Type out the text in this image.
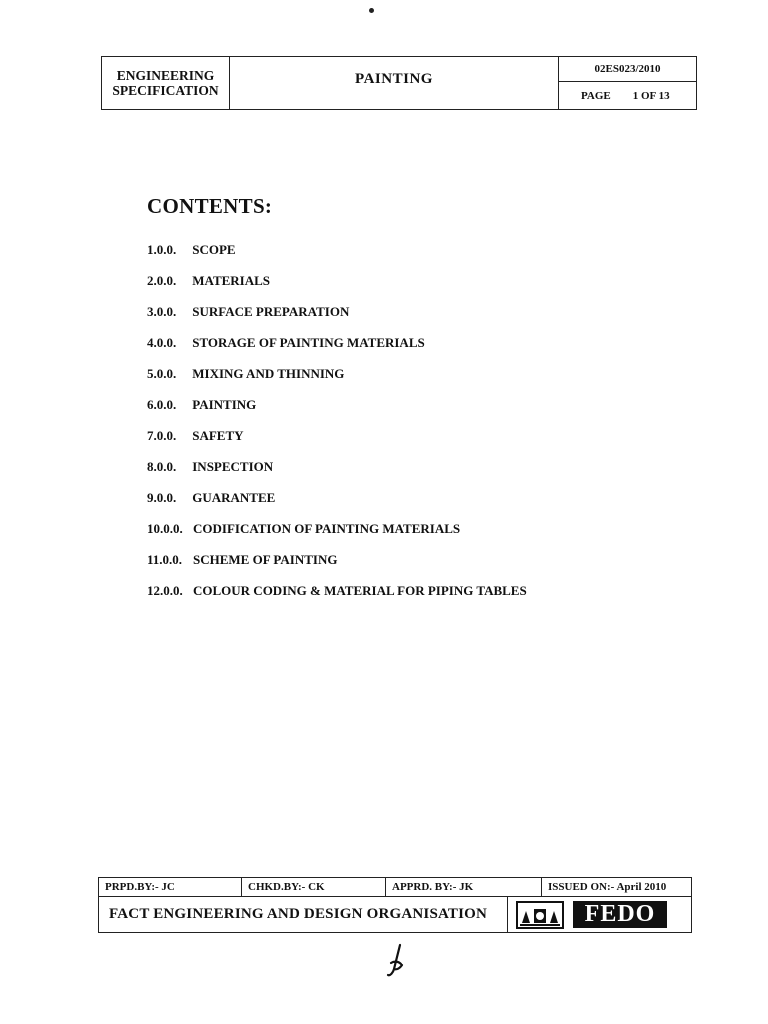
ENGINEERING
SPECIFICATION
PAINTING
02ES023/2010
PAGE 1 OF 13
CONTENTS:
1.0.0. SCOPE
2.0.0. MATERIALS
3.0.0. SURFACE PREPARATION
4.0.0. STORAGE OF PAINTING MATERIALS
5.0.0. MIXING AND THINNING
6.0.0. PAINTING
7.0.0. SAFETY
8.0.0. INSPECTION
9.0.0. GUARANTEE
10.0.0. CODIFICATION OF PAINTING MATERIALS
11.0.0. SCHEME OF PAINTING
12.0.0. COLOUR CODING & MATERIAL FOR PIPING TABLES
PRPD.BY:- JC	CHKD.BY:- CK	APPRD. BY:- JK	ISSUED ON:- April 2010
FACT ENGINEERING AND DESIGN ORGANISATION	FEDO
